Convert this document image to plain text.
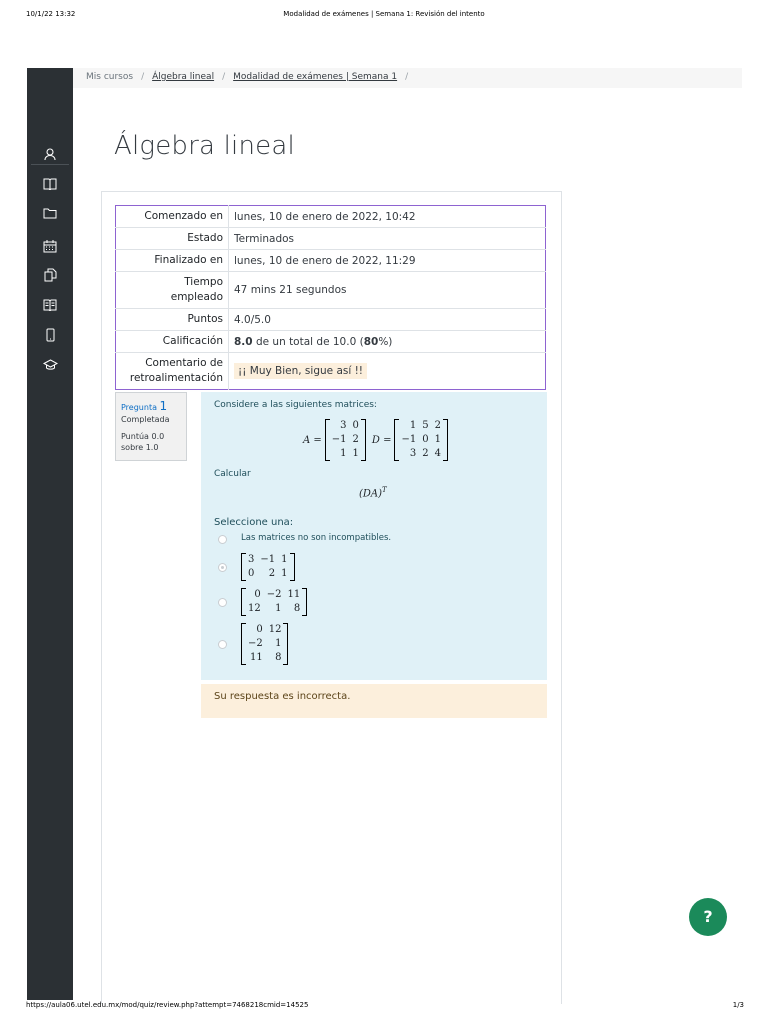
10/1/22 13:32	Modalidad de exámenes | Semana 1: Revisión del intento
https://aula06.utel.edu.mx/mod/quiz/review.php?attempt=7468218cmid=14525	1/3
Mis cursos / Álgebra lineal / Modalidad de exámenes | Semana 1 /
Álgebra lineal
Comenzado en	lunes, 10 de enero de 2022, 10:42
Estado	Terminados
Finalizado en	lunes, 10 de enero de 2022, 11:29
Tiempo
empleado	47 mins 21 segundos
Puntos	4.0/5.0
Calificación	8.0 de un total de 10.0 (80%)
Comentario de
retroalimentación	¡¡ Muy Bien, sigue así !!
Pregunta 1
Completada
Puntúa 0.0
sobre 1.0
Considere a las siguientes matrices:
A =
3	0
−1	2
1	1
D =
1	5	2
−1	0	1
3	2	4
Calcular
(DA)$^T$
Seleccione una:
Las matrices no son incompatibles.
3	−1	1
0	2	1
0	−2	11
12	1	8
0	12
−2	1
11	8
Su respuesta es incorrecta.
?
